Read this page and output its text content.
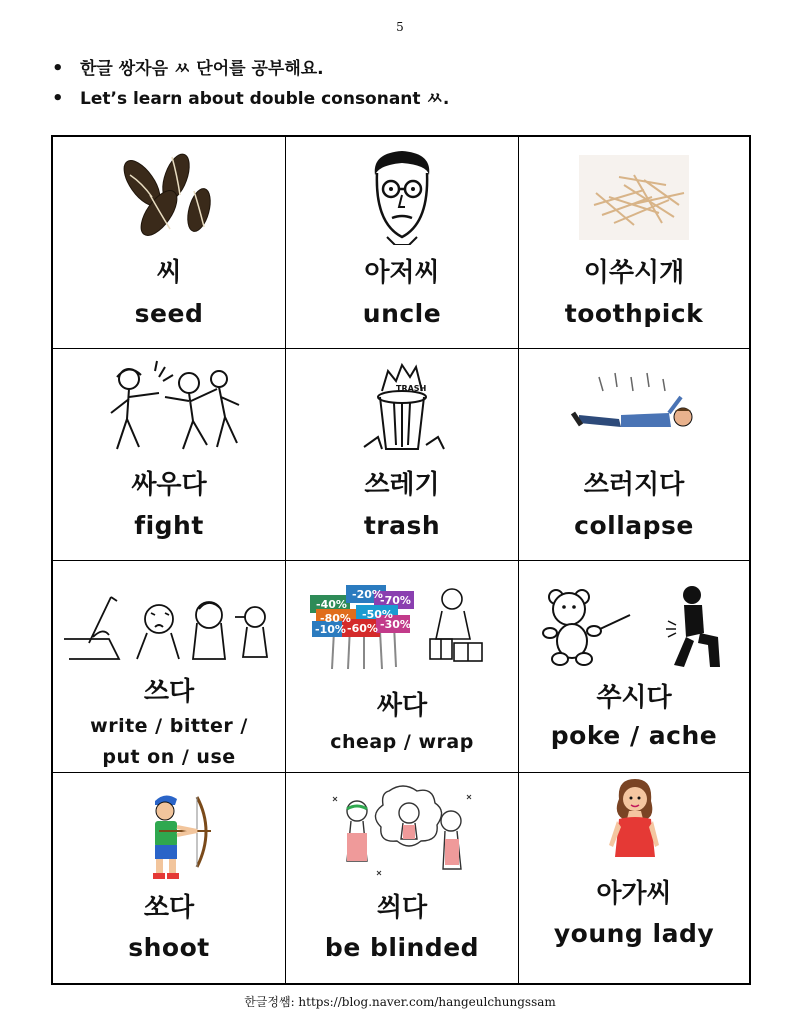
5
• 한글 쌍자음 ㅆ 단어를 공부해요.
• Let’s learn about double consonant ㅆ.
씨
seed
아저씨
uncle
이쑤시개
toothpick
싸우다
fight
TRASH
쓰레기
trash
쓰러지다
collapse
쓰다
write / bitter /
put on / use
-40%
-20%
-70%
-80% -50%
-10% -60% -30%
싸다
cheap / wrap
쑤시다
poke / ache
쏘다
shoot
씌다
be blinded
아가씨
young lady
한글정쌤: https://blog.naver.com/hangeulchungssam
